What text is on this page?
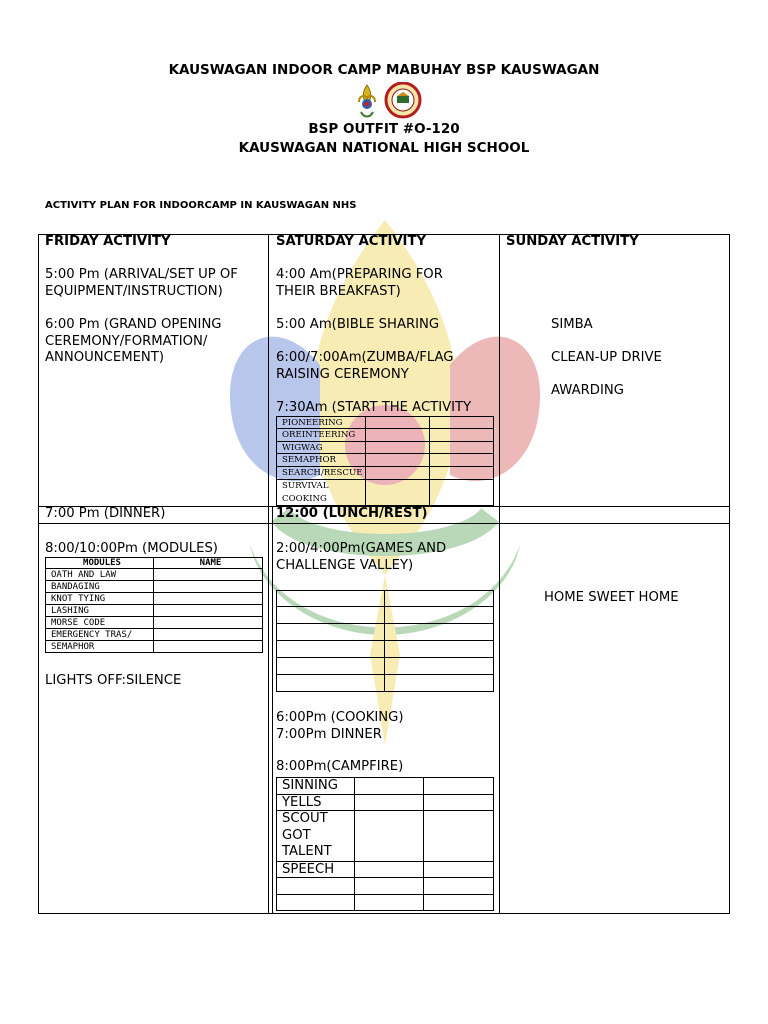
KAUSWAGAN INDOOR CAMP MABUHAY BSP KAUSWAGAN
BSP OUTFIT #O-120
KAUSWAGAN NATIONAL HIGH SCHOOL
ACTIVITY PLAN FOR INDOORCAMP IN KAUSWAGAN NHS
FRIDAY ACTIVITY
5:00 Pm (ARRIVAL/SET UP OF
EQUIPMENT/INSTRUCTION)
6:00 Pm (GRAND OPENING
CEREMONY/FORMATION/
ANNOUNCEMENT)
7:00 Pm (DINNER)
8:00/10:00Pm (MODULES)
MODULES	NAME
OATH AND LAW	
BANDAGING	
KNOT TYING	
LASHING	
MORSE CODE	
EMERGENCY TRAS/	
SEMAPHOR	
LIGHTS OFF:SILENCE
SATURDAY ACTIVITY
4:00 Am(PREPARING FOR
THEIR BREAKFAST)
5:00 Am(BIBLE SHARING
6:00/7:00Am(ZUMBA/FLAG
RAISING CEREMONY
7:30Am (START THE ACTIVITY
PIONEERING		
OREINTEERING		
WIGWAG		
SEMAPHOR		
SEARCH/RESCUE		

SURVIVAL
COOKING		

12:00 (LUNCH/REST)
2:00/4:00Pm(GAMES AND
CHALLENGE VALLEY)

6:00Pm (COOKING)
7:00Pm DINNER
8:00Pm(CAMPFIRE)
SINNING		
YELLS		
SCOUT
GOT
TALENT		
SPEECH		

SUNDAY ACTIVITY
SIMBA
CLEAN-UP DRIVE
AWARDING
HOME SWEET HOME
